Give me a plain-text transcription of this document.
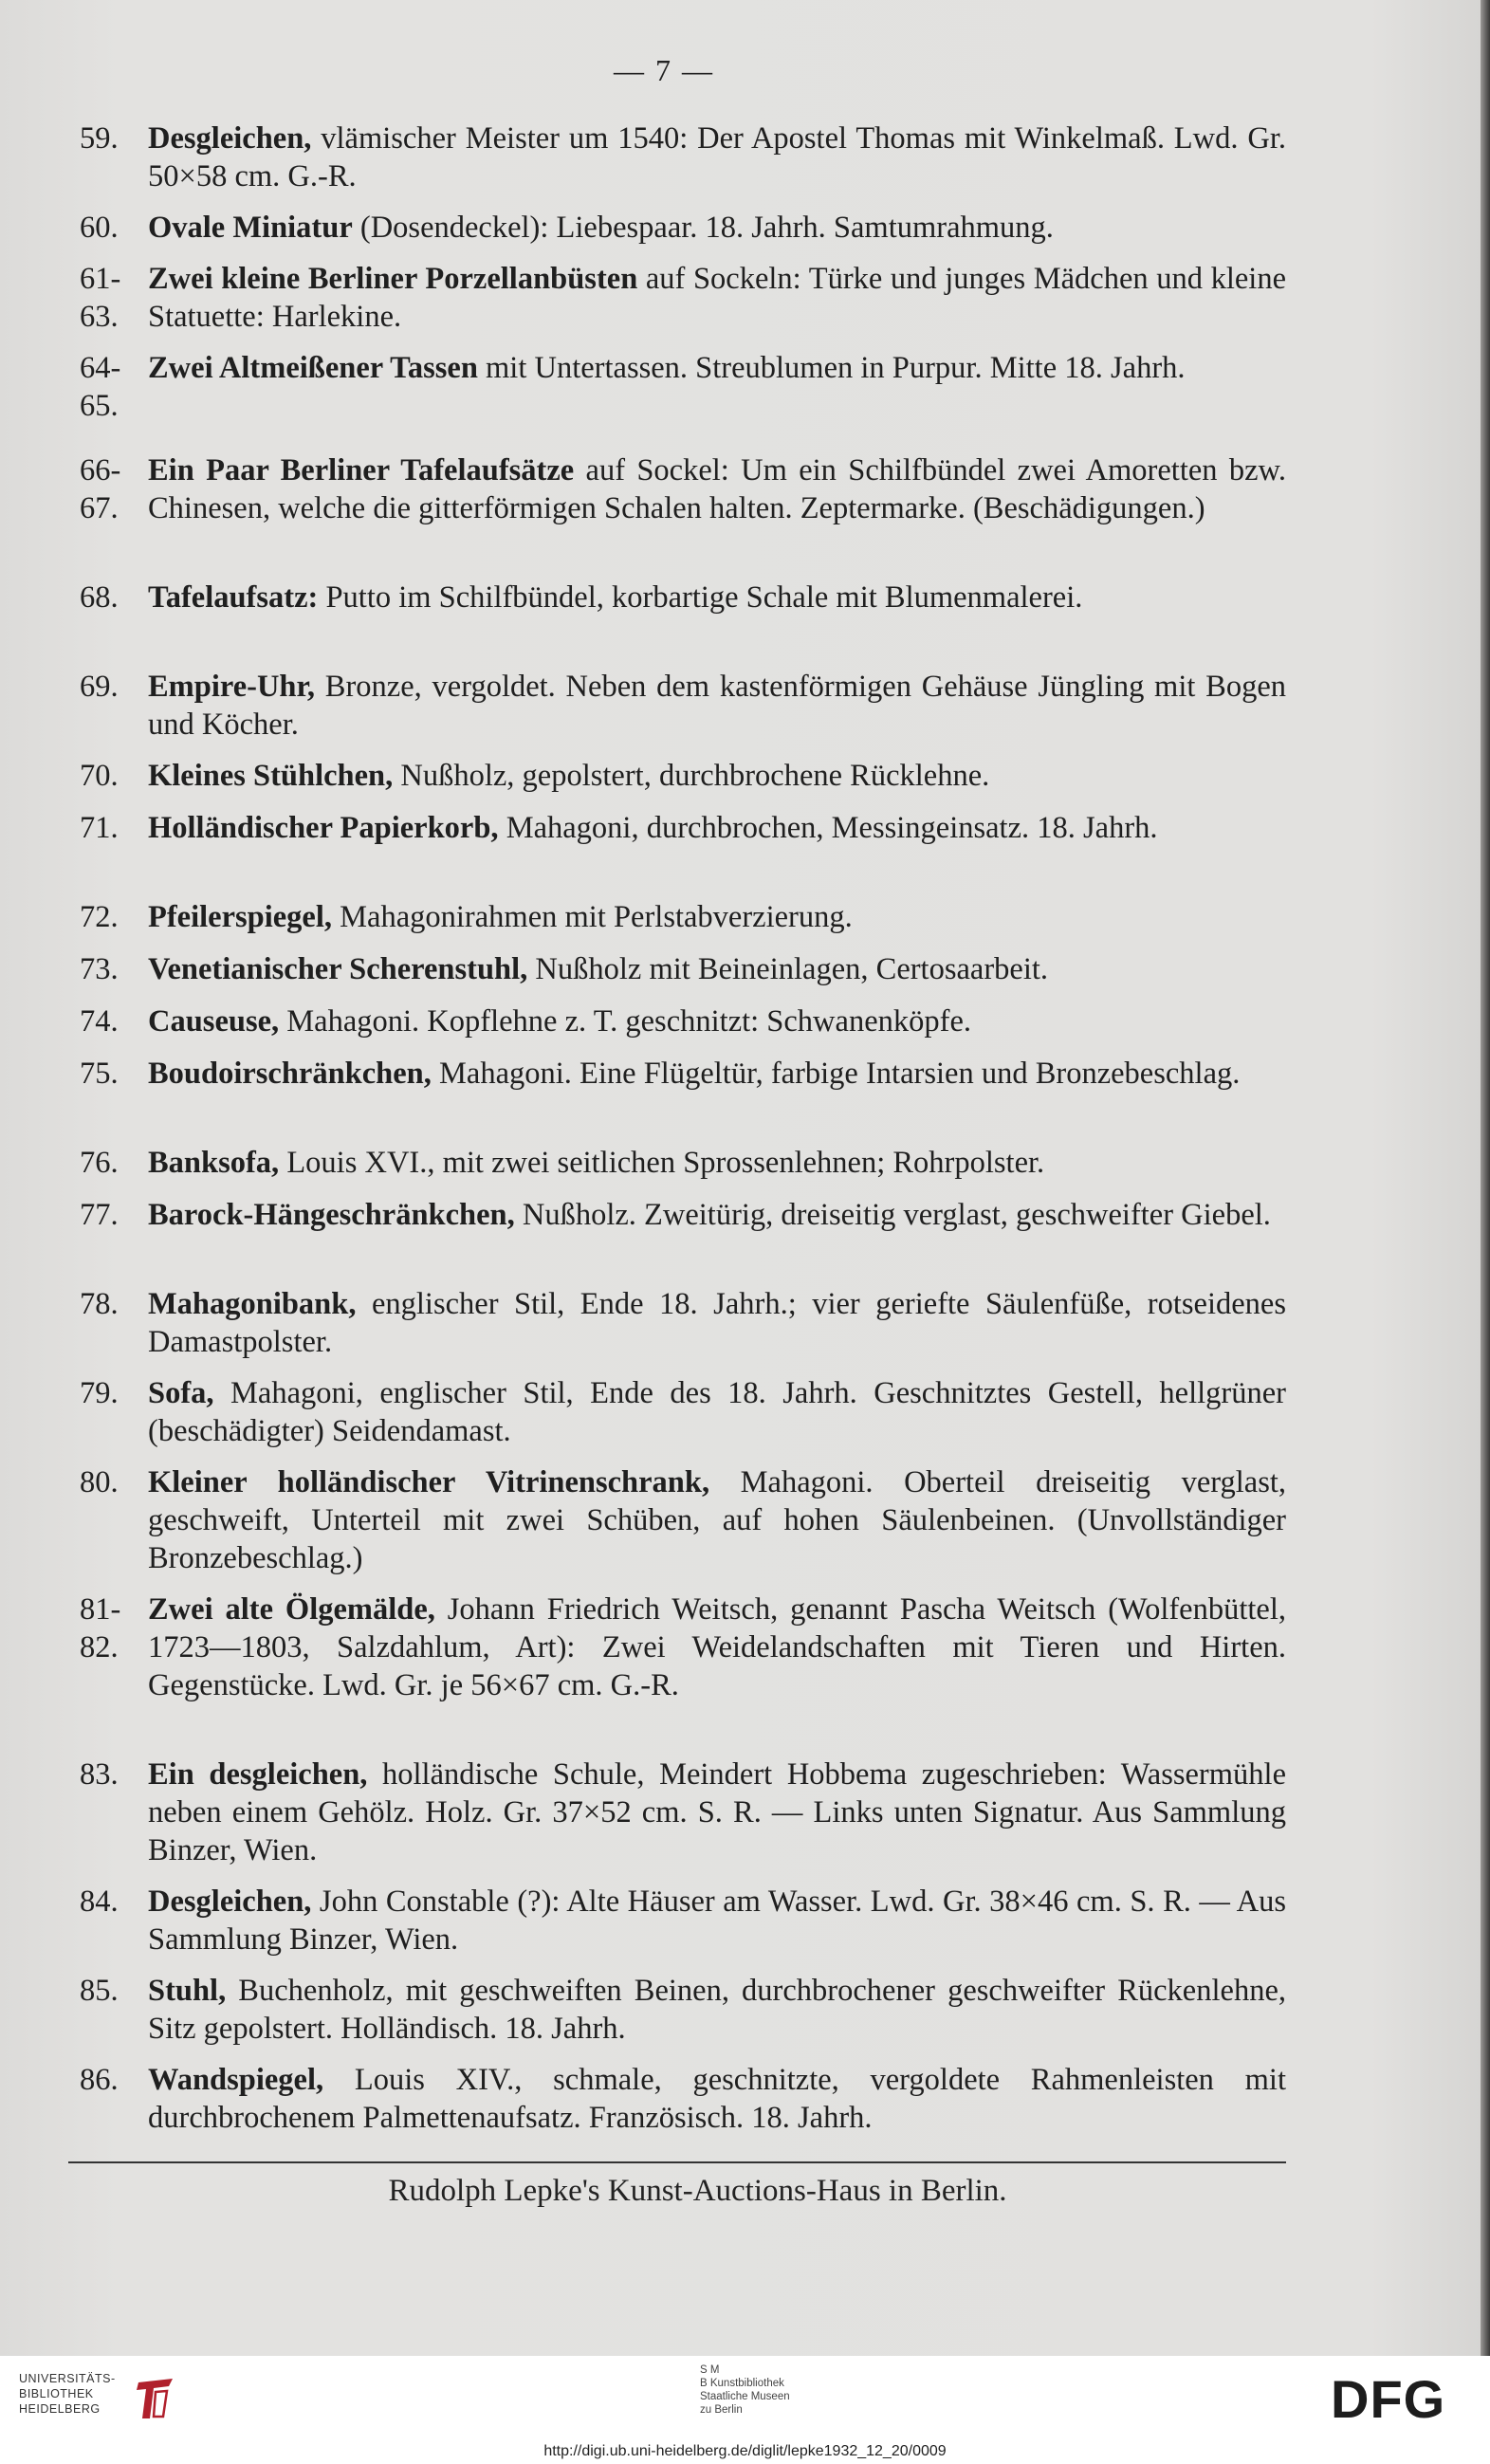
— 7 —
59. Desgleichen, vlämischer Meister um 1540: Der Apostel Thomas mit Winkelmaß. Lwd. Gr. 50×58 cm. G.-R.
60. Ovale Miniatur (Dosendeckel): Liebespaar. 18. Jahrh. Samtumrahmung.
61-63.
Zwei kleine Berliner Porzellanbüsten auf Sockeln: Türke und junges Mädchen und kleine Statuette: Harlekine.
64-65.
Zwei Altmeißener Tassen mit Untertassen. Streublumen in Purpur. Mitte 18. Jahrh.
66-67.
Ein Paar Berliner Tafelaufsätze auf Sockel: Um ein Schilfbündel zwei Amoretten bzw. Chinesen, welche die gitterförmigen Schalen halten. Zeptermarke. (Beschädigungen.)
68. Tafelaufsatz: Putto im Schilfbündel, korbartige Schale mit Blumenmalerei.
69. Empire-Uhr, Bronze, vergoldet. Neben dem kastenförmigen Gehäuse Jüngling mit Bogen und Köcher.
70. Kleines Stühlchen, Nußholz, gepolstert, durchbrochene Rücklehne.
71. Holländischer Papierkorb, Mahagoni, durchbrochen, Messingeinsatz. 18. Jahrh.
72. Pfeilerspiegel, Mahagonirahmen mit Perlstabverzierung.
73. Venetianischer Scherenstuhl, Nußholz mit Beineinlagen, Certosaarbeit.
74. Causeuse, Mahagoni. Kopflehne z. T. geschnitzt: Schwanenköpfe.
75. Boudoirschränkchen, Mahagoni. Eine Flügeltür, farbige Intarsien und Bronzebeschlag.
76. Banksofa, Louis XVI., mit zwei seitlichen Sprossenlehnen; Rohrpolster.
77. Barock-Hängeschränkchen, Nußholz. Zweitürig, dreiseitig verglast, geschweifter Giebel.
78. Mahagonibank, englischer Stil, Ende 18. Jahrh.; vier geriefte Säulenfüße, rotseidenes Damastpolster.
79. Sofa, Mahagoni, englischer Stil, Ende des 18. Jahrh. Geschnitztes Gestell, hellgrüner (beschädigter) Seidendamast.
80. Kleiner holländischer Vitrinenschrank, Mahagoni. Oberteil dreiseitig verglast, geschweift, Unterteil mit zwei Schüben, auf hohen Säulenbeinen. (Unvollständiger Bronzebeschlag.)
81-82.
Zwei alte Ölgemälde, Johann Friedrich Weitsch, genannt Pascha Weitsch (Wolfenbüttel, 1723—1803, Salzdahlum, Art): Zwei Weidelandschaften mit Tieren und Hirten. Gegenstücke. Lwd. Gr. je 56×67 cm. G.-R.
83. Ein desgleichen, holländische Schule, Meindert Hobbema zugeschrieben: Wassermühle neben einem Gehölz. Holz. Gr. 37×52 cm. S. R. — Links unten Signatur. Aus Sammlung Binzer, Wien.
84. Desgleichen, John Constable (?): Alte Häuser am Wasser. Lwd. Gr. 38×46 cm. S. R. — Aus Sammlung Binzer, Wien.
85. Stuhl, Buchenholz, mit geschweiften Beinen, durchbrochener geschweifter Rückenlehne, Sitz gepolstert. Holländisch. 18. Jahrh.
86. Wandspiegel, Louis XIV., schmale, geschnitzte, vergoldete Rahmenleisten mit durchbrochenem Palmettenaufsatz. Französisch. 18. Jahrh.
Rudolph Lepke's Kunst-Auctions-Haus in Berlin.
UNIVERSITÄTS-
BIBLIOTHEK
HEIDELBERG
S M
B Kunstbibliothek
Staatliche Museen
zu Berlin	DFG
http://digi.ub.uni-heidelberg.de/diglit/lepke1932_12_20/0009
